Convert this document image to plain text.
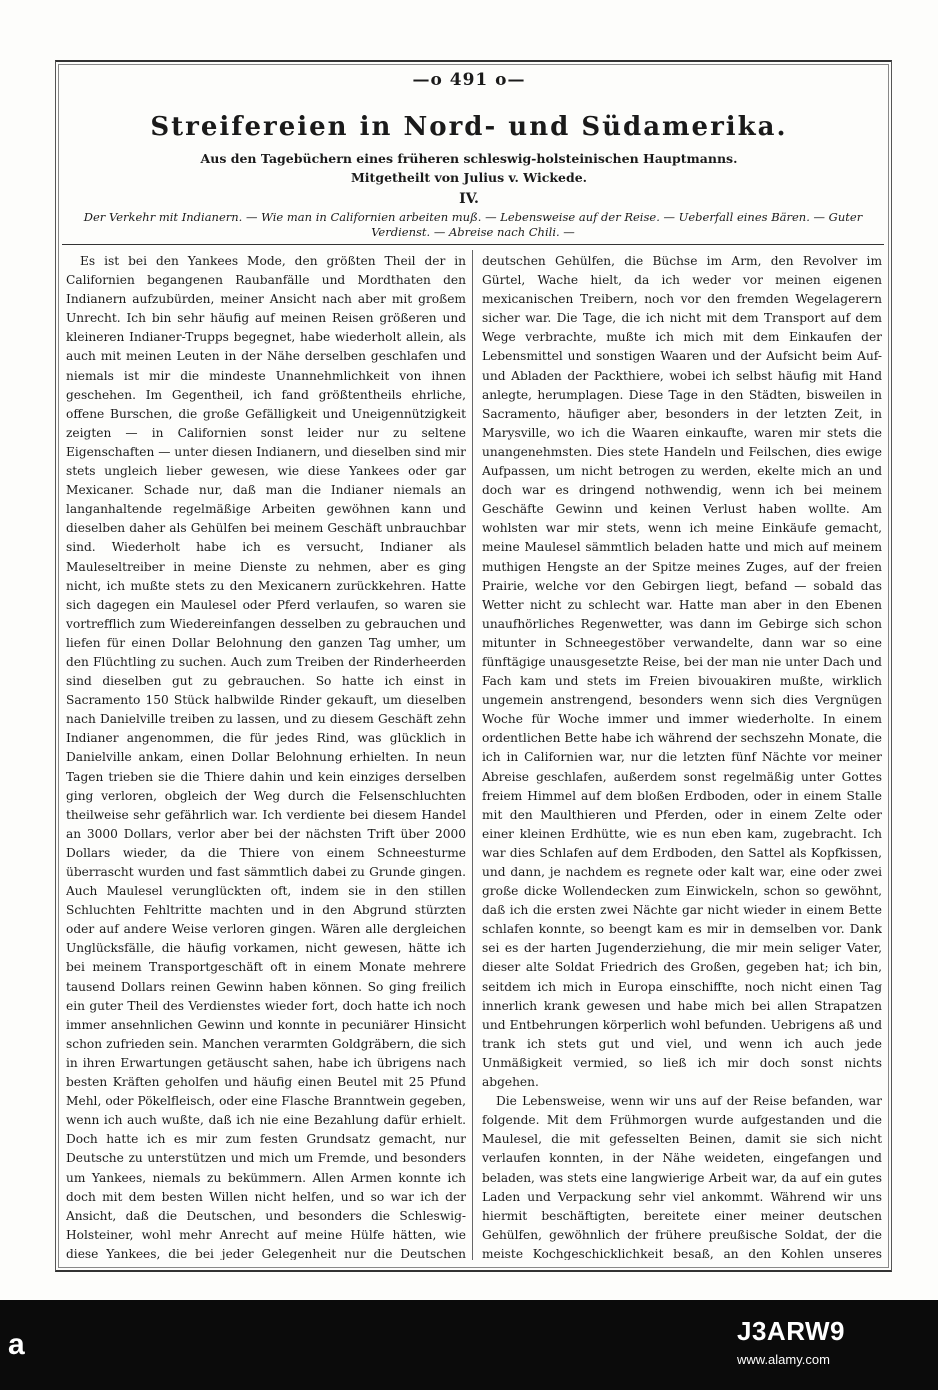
—o 491 o—
Streifereien in Nord- und Südamerika.
Aus den Tagebüchern eines früheren schleswig-holsteinischen Hauptmanns.
Mitgetheilt von Julius v. Wickede.
IV.
Der Verkehr mit Indianern. — Wie man in Californien arbeiten muß. — Lebensweise auf der Reise. — Ueberfall eines Bären. — Guter Verdienst. — Abreise nach Chili. —

Es ist bei den Yankees Mode, den größten Theil der in Californien begangenen Raubanfälle und Mordthaten den Indianern aufzubürden, meiner Ansicht nach aber mit großem Unrecht. Ich bin sehr häufig auf meinen Reisen größeren und kleineren Indianer-Trupps begegnet, habe wiederholt allein, als auch mit meinen Leuten in der Nähe derselben geschlafen und niemals ist mir die mindeste Unannehmlichkeit von ihnen geschehen. Im Gegentheil, ich fand größtentheils ehrliche, offene Burschen, die große Gefälligkeit und Uneigennützigkeit zeigten — in Californien sonst leider nur zu seltene Eigenschaften — unter diesen Indianern, und dieselben sind mir stets ungleich lieber gewesen, wie diese Yankees oder gar Mexicaner. Schade nur, daß man die Indianer niemals an langanhaltende regelmäßige Arbeiten gewöhnen kann und dieselben daher als Gehülfen bei meinem Geschäft unbrauchbar sind. Wiederholt habe ich es versucht, Indianer als Mauleseltreiber in meine Dienste zu nehmen, aber es ging nicht, ich mußte stets zu den Mexicanern zurückkehren. Hatte sich dagegen ein Maulesel oder Pferd verlaufen, so waren sie vortrefflich zum Wiedereinfangen desselben zu gebrauchen und liefen für einen Dollar Belohnung den ganzen Tag umher, um den Flüchtling zu suchen. Auch zum Treiben der Rinderheerden sind dieselben gut zu gebrauchen. So hatte ich einst in Sacramento 150 Stück halbwilde Rinder gekauft, um dieselben nach Danielville treiben zu lassen, und zu diesem Geschäft zehn Indianer angenommen, die für jedes Rind, was glücklich in Danielville ankam, einen Dollar Belohnung erhielten. In neun Tagen trieben sie die Thiere dahin und kein einziges derselben ging verloren, obgleich der Weg durch die Felsenschluchten theilweise sehr gefährlich war. Ich verdiente bei diesem Handel an 3000 Dollars, verlor aber bei der nächsten Trift über 2000 Dollars wieder, da die Thiere von einem Schneesturme überrascht wurden und fast sämmtlich dabei zu Grunde gingen. Auch Maulesel verunglückten oft, indem sie in den stillen Schluchten Fehltritte machten und in den Abgrund stürzten oder auf andere Weise verloren gingen. Wären alle dergleichen Unglücksfälle, die häufig vorkamen, nicht gewesen, hätte ich bei meinem Transportgeschäft oft in einem Monate mehrere tausend Dollars reinen Gewinn haben können. So ging freilich ein guter Theil des Verdienstes wieder fort, doch hatte ich noch immer ansehnlichen Gewinn und konnte in pecuniärer Hinsicht schon zufrieden sein. Manchen verarmten Goldgräbern, die sich in ihren Erwartungen getäuscht sahen, habe ich übrigens nach besten Kräften geholfen und häufig einen Beutel mit 25 Pfund Mehl, oder Pökelfleisch, oder eine Flasche Branntwein gegeben, wenn ich auch wußte, daß ich nie eine Bezahlung dafür erhielt. Doch hatte ich es mir zum festen Grundsatz gemacht, nur Deutsche zu unterstützen und mich um Fremde, und besonders um Yankees, niemals zu bekümmern. Allen Armen konnte ich doch mit dem besten Willen nicht helfen, und so war ich der Ansicht, daß die Deutschen, und besonders die Schleswig-Holsteiner, wohl mehr Anrecht auf meine Hülfe hätten, wie diese Yankees, die bei jeder Gelegenheit nur die Deutschen

deutschen Gehülfen, die Büchse im Arm, den Revolver im Gürtel, Wache hielt, da ich weder vor meinen eigenen mexicanischen Treibern, noch vor den fremden Wegelagerern sicher war. Die Tage, die ich nicht mit dem Transport auf dem Wege verbrachte, mußte ich mich mit dem Einkaufen der Lebensmittel und sonstigen Waaren und der Aufsicht beim Auf- und Abladen der Packthiere, wobei ich selbst häufig mit Hand anlegte, herumplagen. Diese Tage in den Städten, bisweilen in Sacramento, häufiger aber, besonders in der letzten Zeit, in Marysville, wo ich die Waaren einkaufte, waren mir stets die unangenehmsten. Dies stete Handeln und Feilschen, dies ewige Aufpassen, um nicht betrogen zu werden, ekelte mich an und doch war es dringend nothwendig, wenn ich bei meinem Geschäfte Gewinn und keinen Verlust haben wollte. Am wohlsten war mir stets, wenn ich meine Einkäufe gemacht, meine Maulesel sämmtlich beladen hatte und mich auf meinem muthigen Hengste an der Spitze meines Zuges, auf der freien Prairie, welche vor den Gebirgen liegt, befand — sobald das Wetter nicht zu schlecht war. Hatte man aber in den Ebenen unaufhörliches Regenwetter, was dann im Gebirge sich schon mitunter in Schneegestöber verwandelte, dann war so eine fünftägige unausgesetzte Reise, bei der man nie unter Dach und Fach kam und stets im Freien bivouakiren mußte, wirklich ungemein anstrengend, besonders wenn sich dies Vergnügen Woche für Woche immer und immer wiederholte. In einem ordentlichen Bette habe ich während der sechszehn Monate, die ich in Californien war, nur die letzten fünf Nächte vor meiner Abreise geschlafen, außerdem sonst regelmäßig unter Gottes freiem Himmel auf dem bloßen Erdboden, oder in einem Stalle mit den Maulthieren und Pferden, oder in einem Zelte oder einer kleinen Erdhütte, wie es nun eben kam, zugebracht. Ich war dies Schlafen auf dem Erdboden, den Sattel als Kopfkissen, und dann, je nachdem es regnete oder kalt war, eine oder zwei große dicke Wollendecken zum Einwickeln, schon so gewöhnt, daß ich die ersten zwei Nächte gar nicht wieder in einem Bette schlafen konnte, so beengt kam es mir in demselben vor. Dank sei es der harten Jugenderziehung, die mir mein seliger Vater, dieser alte Soldat Friedrich des Großen, gegeben hat; ich bin, seitdem ich mich in Europa einschiffte, noch nicht einen Tag innerlich krank gewesen und habe mich bei allen Strapatzen und Entbehrungen körperlich wohl befunden. Uebrigens aß und trank ich stets gut und viel, und wenn ich auch jede Unmäßigkeit vermied, so ließ ich mir doch sonst nichts abgehen.

Die Lebensweise, wenn wir uns auf der Reise befanden, war folgende. Mit dem Frühmorgen wurde aufgestanden und die Maulesel, die mit gefesselten Beinen, damit sie sich nicht verlaufen konnten, in der Nähe weideten, eingefangen und beladen, was stets eine langwierige Arbeit war, da auf ein gutes Laden und Verpackung sehr viel ankommt. Während wir uns hiermit beschäftigten, bereitete einer meiner deutschen Gehülfen, gewöhnlich der frühere preußische Soldat, der die meiste Kochgeschicklichkeit besaß, an den Kohlen unseres

a	J3ARW9
www.alamy.com
